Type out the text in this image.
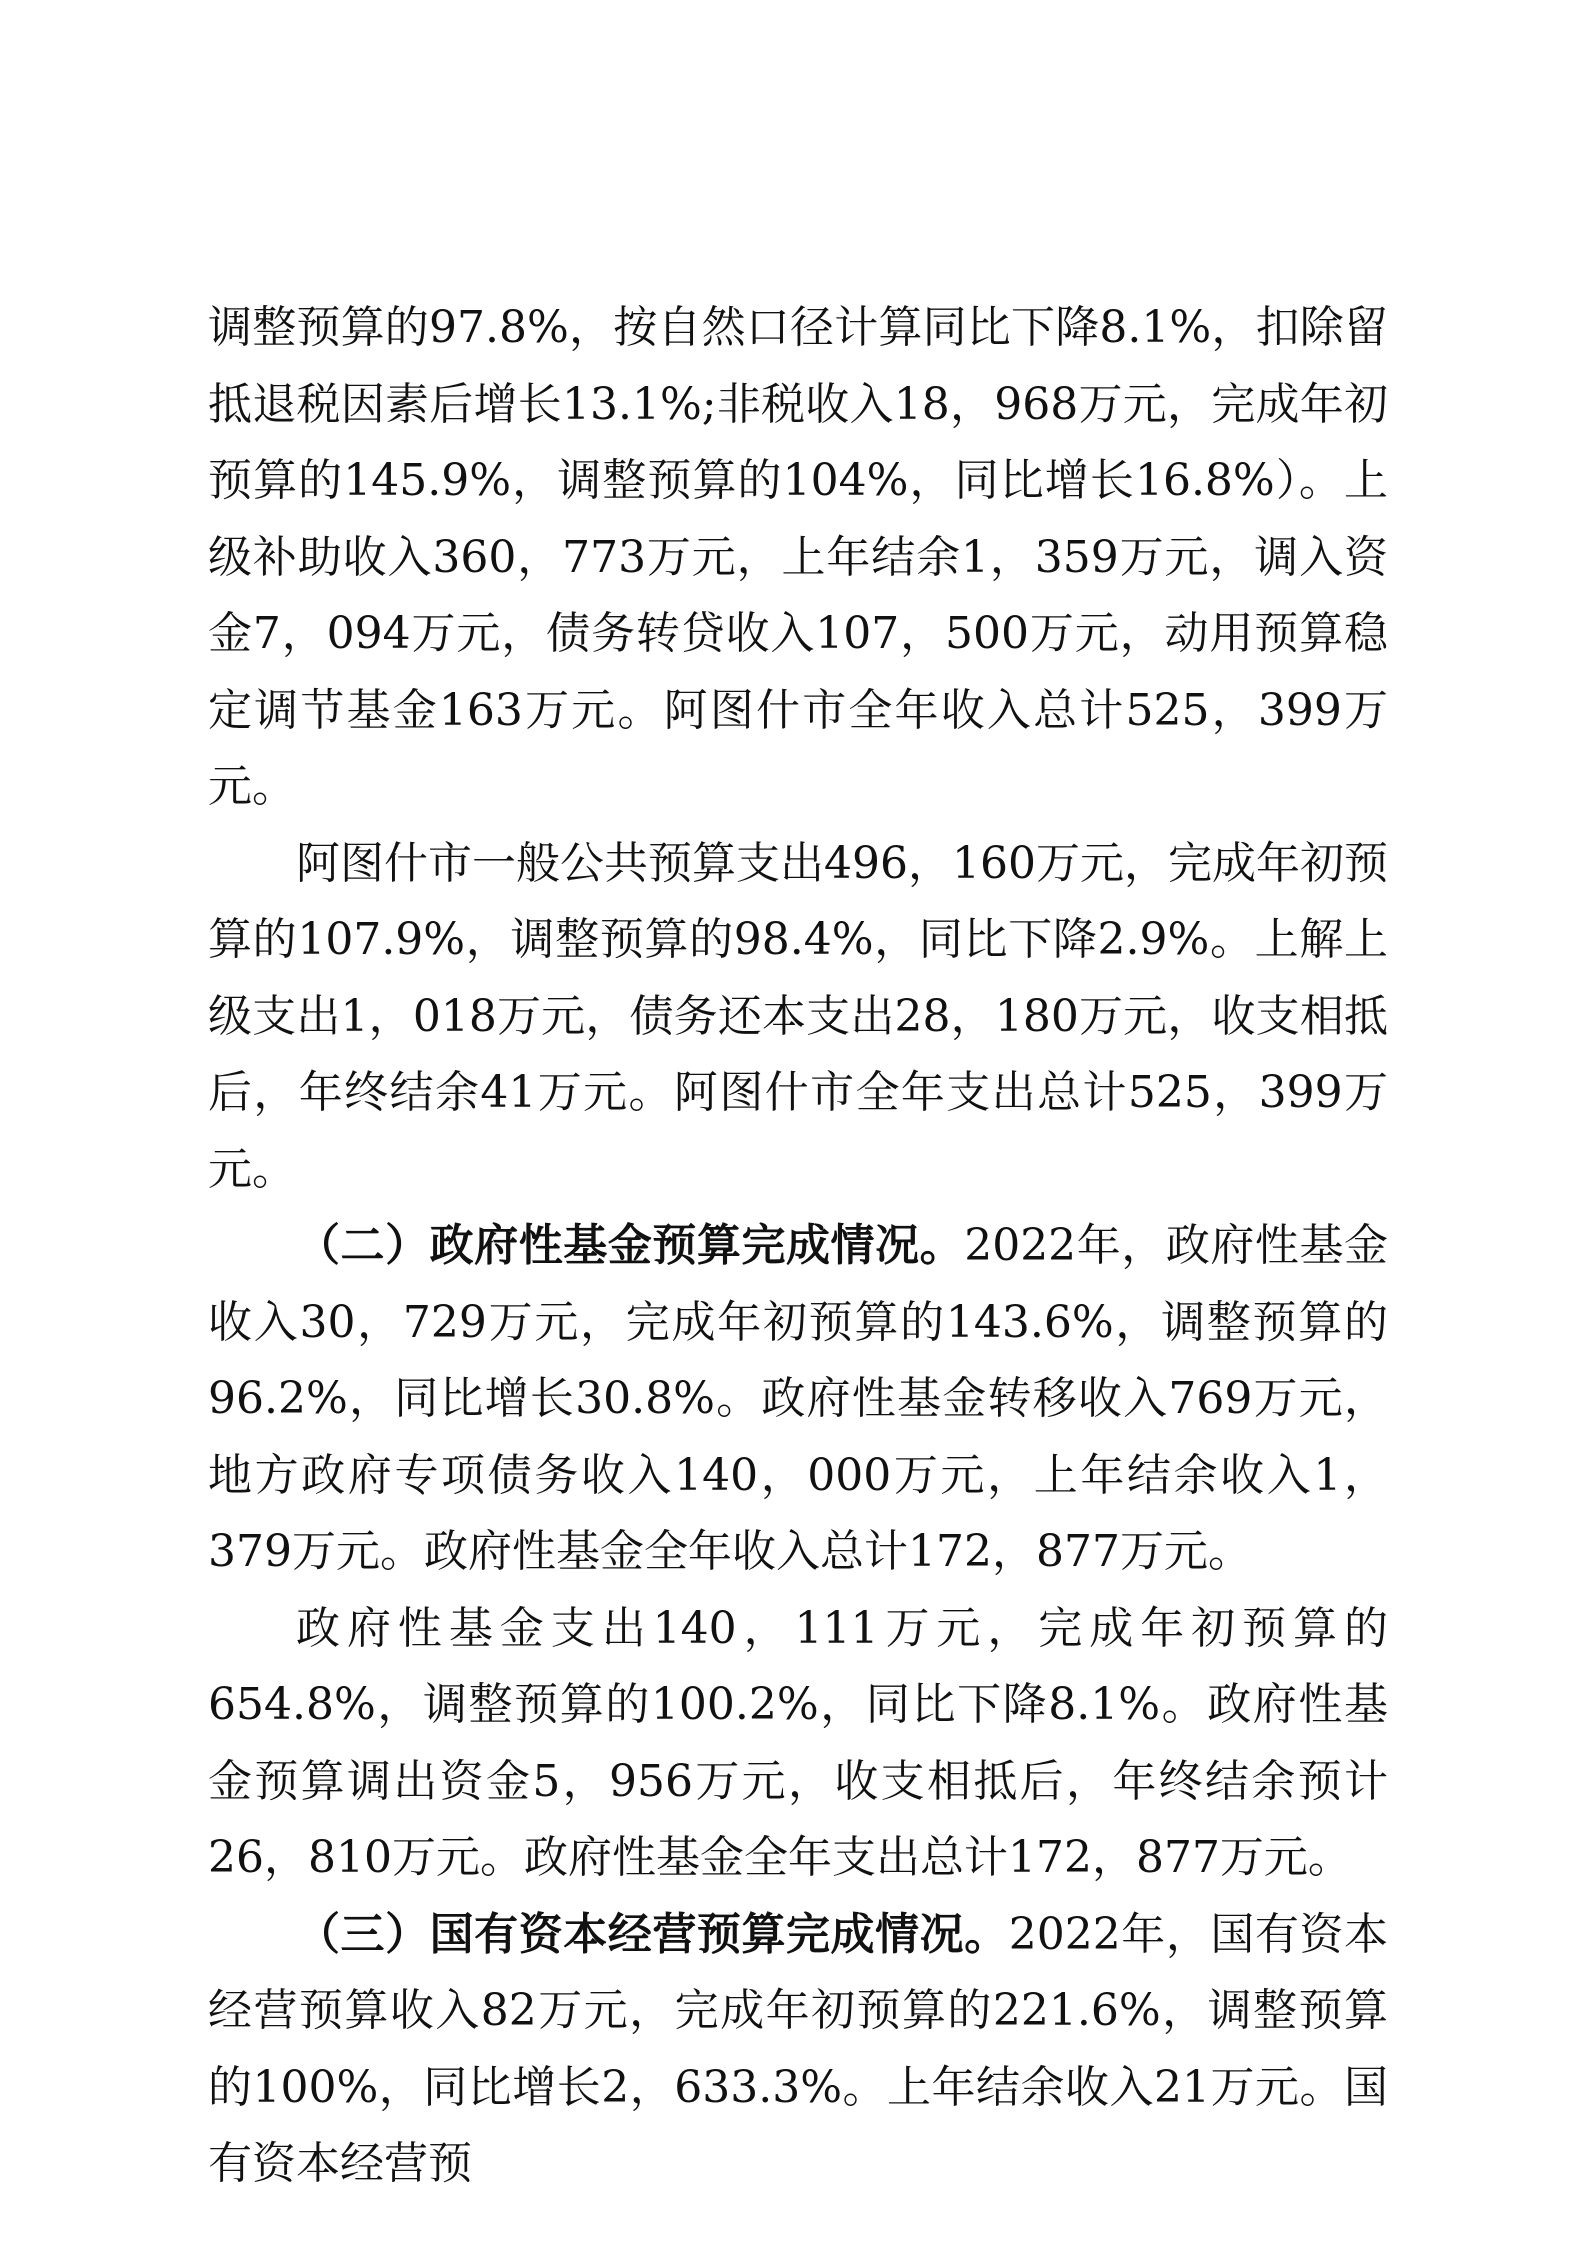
调整预算的97.8%，按自然口径计算同比下降8.1%，扣除留抵退税因素后增长13.1%;非税收入18，968万元，完成年初预算的145.9%，调整预算的104%，同比增长16.8%）。上级补助收入360，773万元，上年结余1，359万元，调入资金7，094万元，债务转贷收入107，500万元，动用预算稳定调节基金163万元。阿图什市全年收入总计525，399万元。

阿图什市一般公共预算支出496，160万元，完成年初预算的107.9%，调整预算的98.4%，同比下降2.9%。上解上级支出1，018万元，债务还本支出28，180万元，收支相抵后，年终结余41万元。阿图什市全年支出总计525，399万元。

（二）政府性基金预算完成情况。2022年，政府性基金收入30，729万元，完成年初预算的143.6%，调整预算的96.2%，同比增长30.8%。政府性基金转移收入769万元，地方政府专项债务收入140，000万元，上年结余收入1，379万元。政府性基金全年收入总计172，877万元。

政府性基金支出140，111万元，完成年初预算的654.8%，调整预算的100.2%，同比下降8.1%。政府性基金预算调出资金5，956万元，收支相抵后，年终结余预计26，810万元。政府性基金全年支出总计172，877万元。

（三）国有资本经营预算完成情况。2022年，国有资本经营预算收入82万元，完成年初预算的221.6%，调整预算的100%，同比增长2，633.3%。上年结余收入21万元。国有资本经营预
